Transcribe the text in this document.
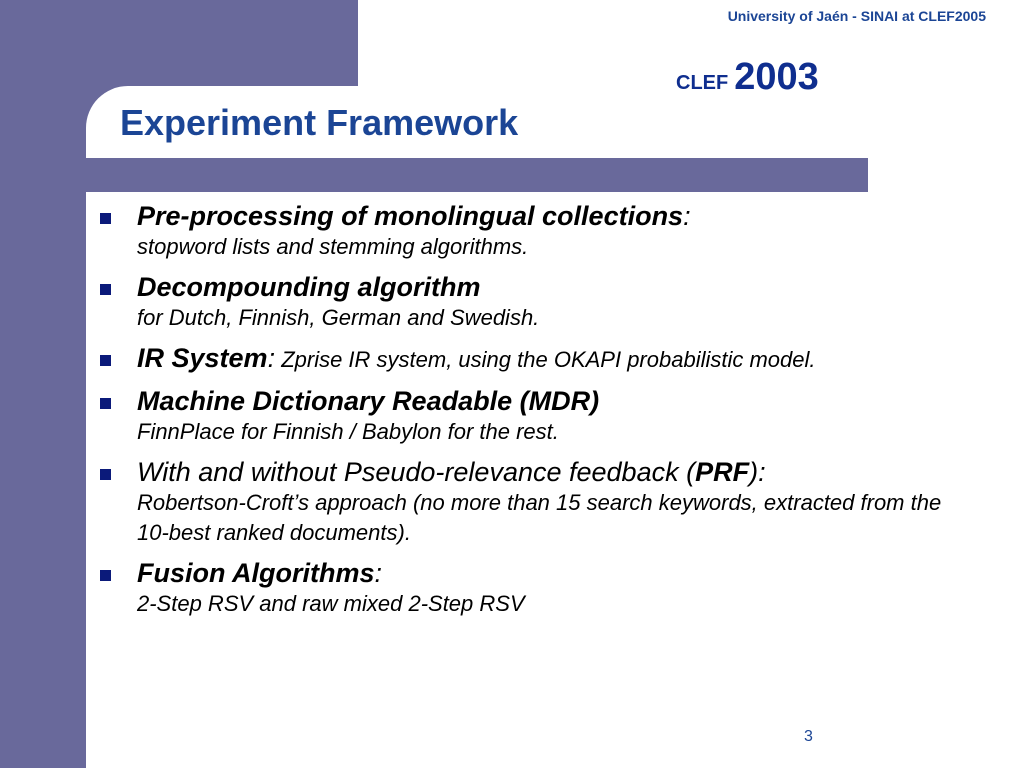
University of Jaén - SINAI at CLEF2005
CLEF 2003
Experiment Framework
Pre-processing of monolingual collections:
stopword lists and stemming algorithms.
Decompounding algorithm
for Dutch, Finnish, German and Swedish.
IR System: Zprise IR system, using the OKAPI probabilistic model.
Machine Dictionary Readable (MDR)
FinnPlace for Finnish / Babylon for the rest.
With and without Pseudo-relevance feedback (PRF):
Robertson-Croft’s approach (no more than 15 search keywords, extracted from the 10-best ranked documents).
Fusion Algorithms:
2-Step RSV and raw mixed 2-Step RSV
3
